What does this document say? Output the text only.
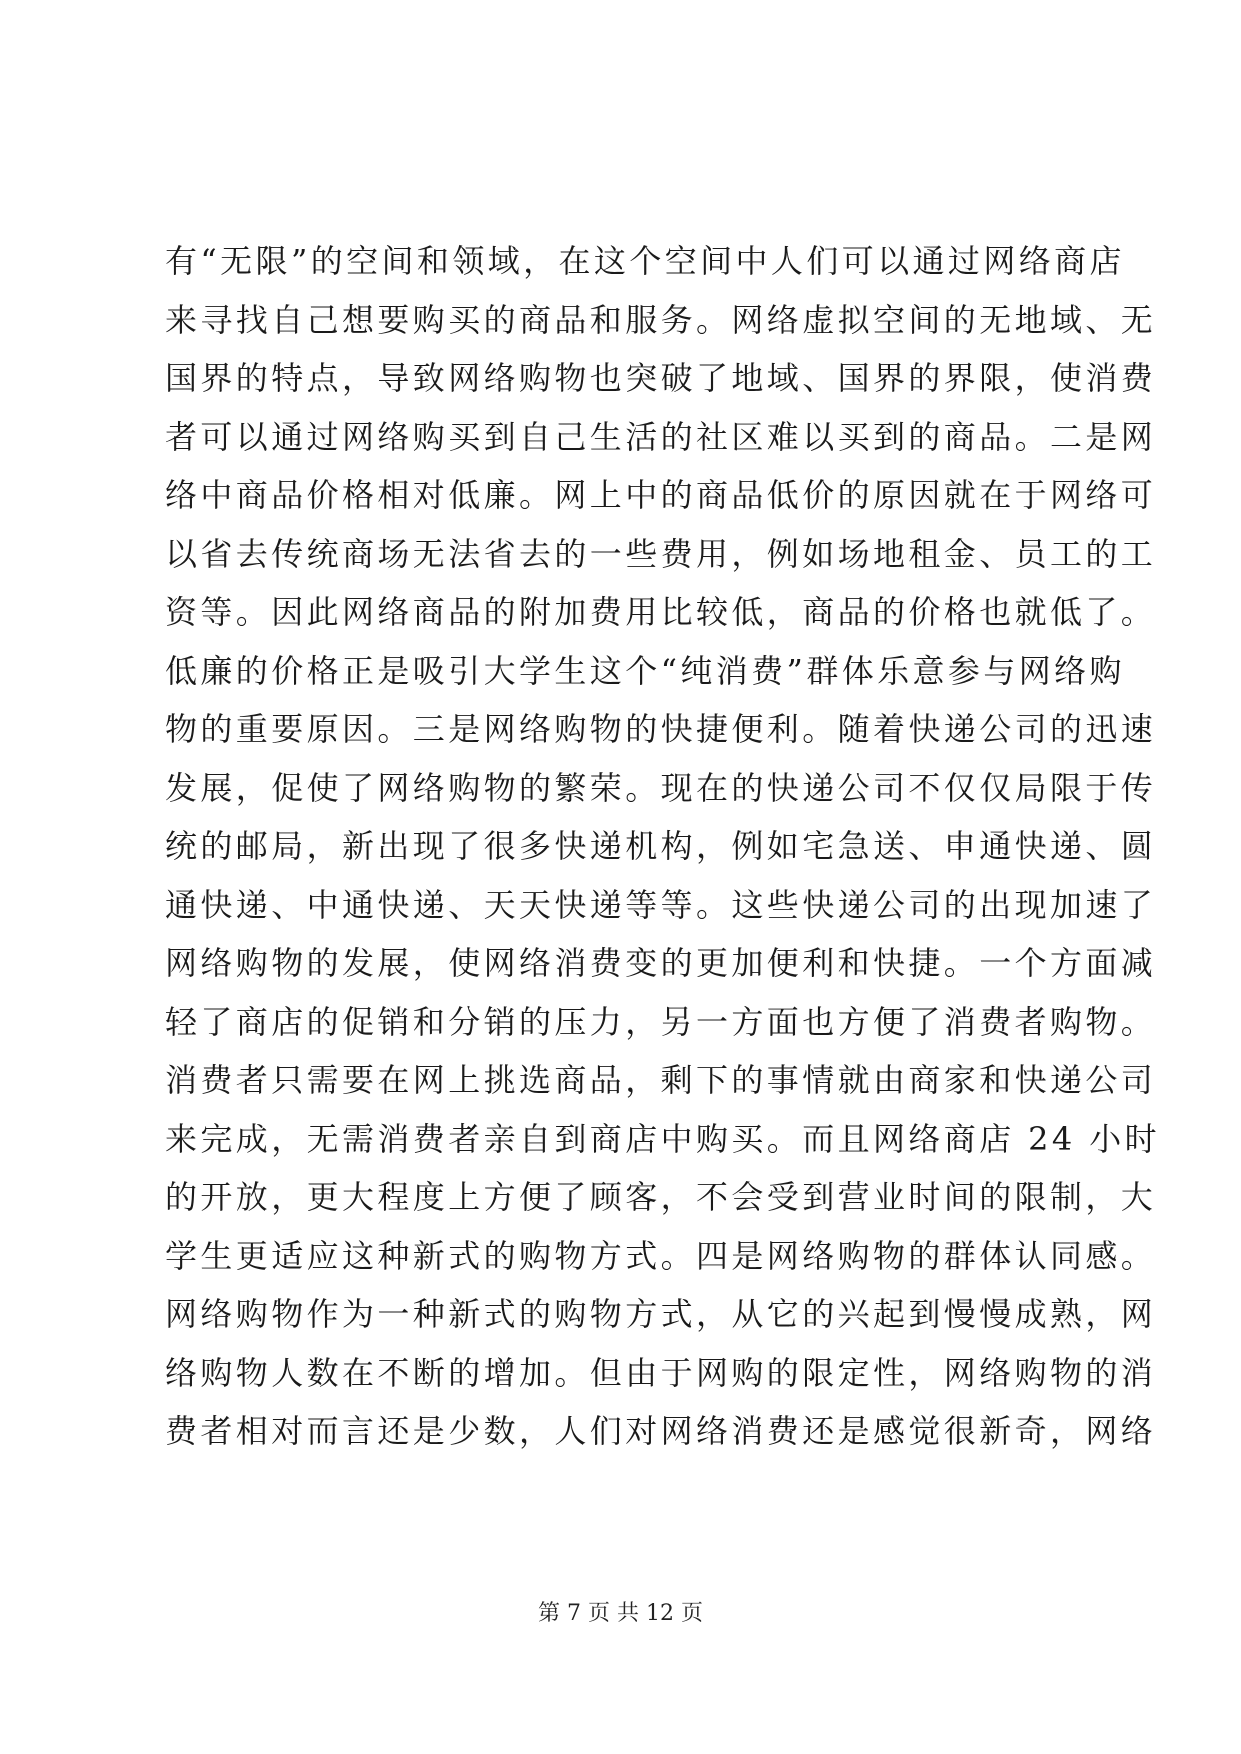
有“无限”的空间和领域，在这个空间中人们可以通过网络商店
来寻找自己想要购买的商品和服务。网络虚拟空间的无地域、无
国界的特点，导致网络购物也突破了地域、国界的界限，使消费
者可以通过网络购买到自己生活的社区难以买到的商品。二是网
络中商品价格相对低廉。网上中的商品低价的原因就在于网络可
以省去传统商场无法省去的一些费用，例如场地租金、员工的工
资等。因此网络商品的附加费用比较低，商品的价格也就低了。
低廉的价格正是吸引大学生这个“纯消费”群体乐意参与网络购
物的重要原因。三是网络购物的快捷便利。随着快递公司的迅速
发展，促使了网络购物的繁荣。现在的快递公司不仅仅局限于传
统的邮局，新出现了很多快递机构，例如宅急送、申通快递、圆
通快递、中通快递、天天快递等等。这些快递公司的出现加速了
网络购物的发展，使网络消费变的更加便利和快捷。一个方面减
轻了商店的促销和分销的压力，另一方面也方便了消费者购物。
消费者只需要在网上挑选商品，剩下的事情就由商家和快递公司
来完成，无需消费者亲自到商店中购买。而且网络商店 24 小时
的开放，更大程度上方便了顾客，不会受到营业时间的限制，大
学生更适应这种新式的购物方式。四是网络购物的群体认同感。
网络购物作为一种新式的购物方式，从它的兴起到慢慢成熟，网
络购物人数在不断的增加。但由于网购的限定性，网络购物的消
费者相对而言还是少数，人们对网络消费还是感觉很新奇，网络
第 7 页 共 12 页
